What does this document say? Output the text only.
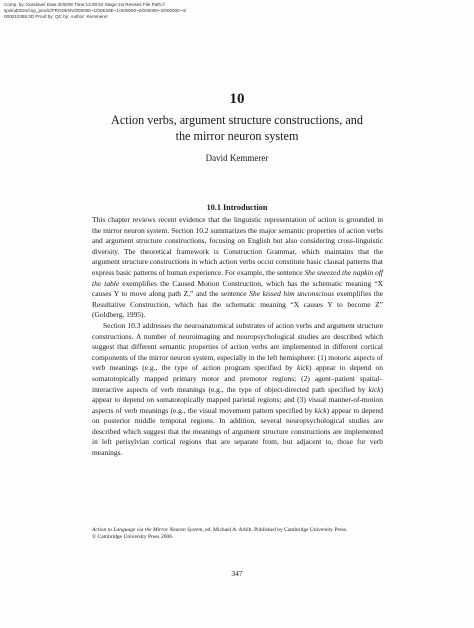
Comp. by: Kandavel Date:30/5/06 Time:13:28:54 Stage:1st Revises File Path://
spsind002s/cup_prod1/PRODENV/000000~1/00E26E~1/S00000~2/000000~2/000000~4/
000010359.3D Proof by: QC by: Author: Kemmerer
10
Action verbs, argument structure constructions, and
the mirror neuron system
David Kemmerer
10.1 Introduction

This chapter reviews recent evidence that the linguistic representation of action is grounded in the mirror neuron system. Section 10.2 summarizes the major semantic properties of action verbs and argument structure constructions, focusing on English but also considering cross-linguistic diversity. The theoretical framework is Construction Grammar, which maintains that the argument structure constructions in which action verbs occur constitute basic clausal patterns that express basic patterns of human experience. For example, the sentence She sneezed the napkin off the table exemplifies the Caused Motion Construction, which has the schematic meaning “X causes Y to move along path Z,” and the sentence She kissed him unconscious exemplifies the Resultative Construction, which has the schematic meaning “X causes Y to become Z” (Goldberg, 1995).

Section 10.3 addresses the neuroanatomical substrates of action verbs and argument structure constructions. A number of neuroimaging and neuropsychological studies are described which suggest that different semantic properties of action verbs are implemented in different cortical components of the mirror neuron system, especially in the left hemisphere: (1) motoric aspects of verb meanings (e.g., the type of action program specified by kick) appear to depend on somatotopically mapped primary motor and premotor regions; (2) agent–patient spatial–interactive aspects of verb meanings (e.g., the type of object-directed path specified by kick) appear to depend on somatotopically mapped parietal regions; and (3) visual manner-of-motion aspects of verb meanings (e.g., the visual movement pattern specified by kick) appear to depend on posterior middle temporal regions. In addition, several neuropsychological studies are described which suggest that the meanings of argument structure constructions are implemented in left perisylvian cortical regions that are separate from, but adjacent to, those for verb meanings.

Action to Language via the Mirror Neuron System, ed. Michael A. Arbib. Published by Cambridge University Press.
© Cambridge University Press 2006.
347
